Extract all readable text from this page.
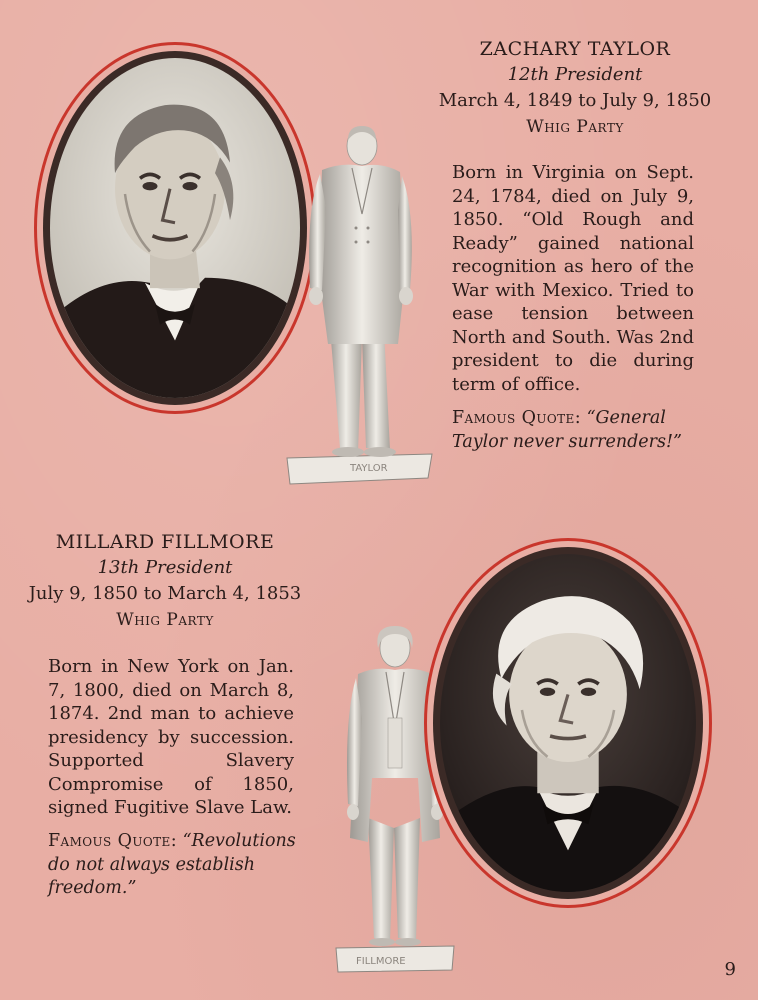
TAYLOR
ZACHARY TAYLOR
12th President
March 4, 1849 to July 9, 1850
Whig Party
Born in Virginia on Sept. 24, 1784, died on July 9, 1850. “Old Rough and Ready” gained national recognition as hero of the War with Mexico. Tried to ease tension between North and South. Was 2nd president to die during term of office.
Famous Quote: “General Taylor never surrenders!”
MILLARD FILLMORE
13th President
July 9, 1850 to March 4, 1853
Whig Party
Born in New York on Jan. 7, 1800, died on March 8, 1874. 2nd man to achieve presidency by succession. Supported Slavery Compromise of 1850, signed Fugitive Slave Law.
Famous Quote: “Revolutions do not always establish freedom.”
FILLMORE	9
